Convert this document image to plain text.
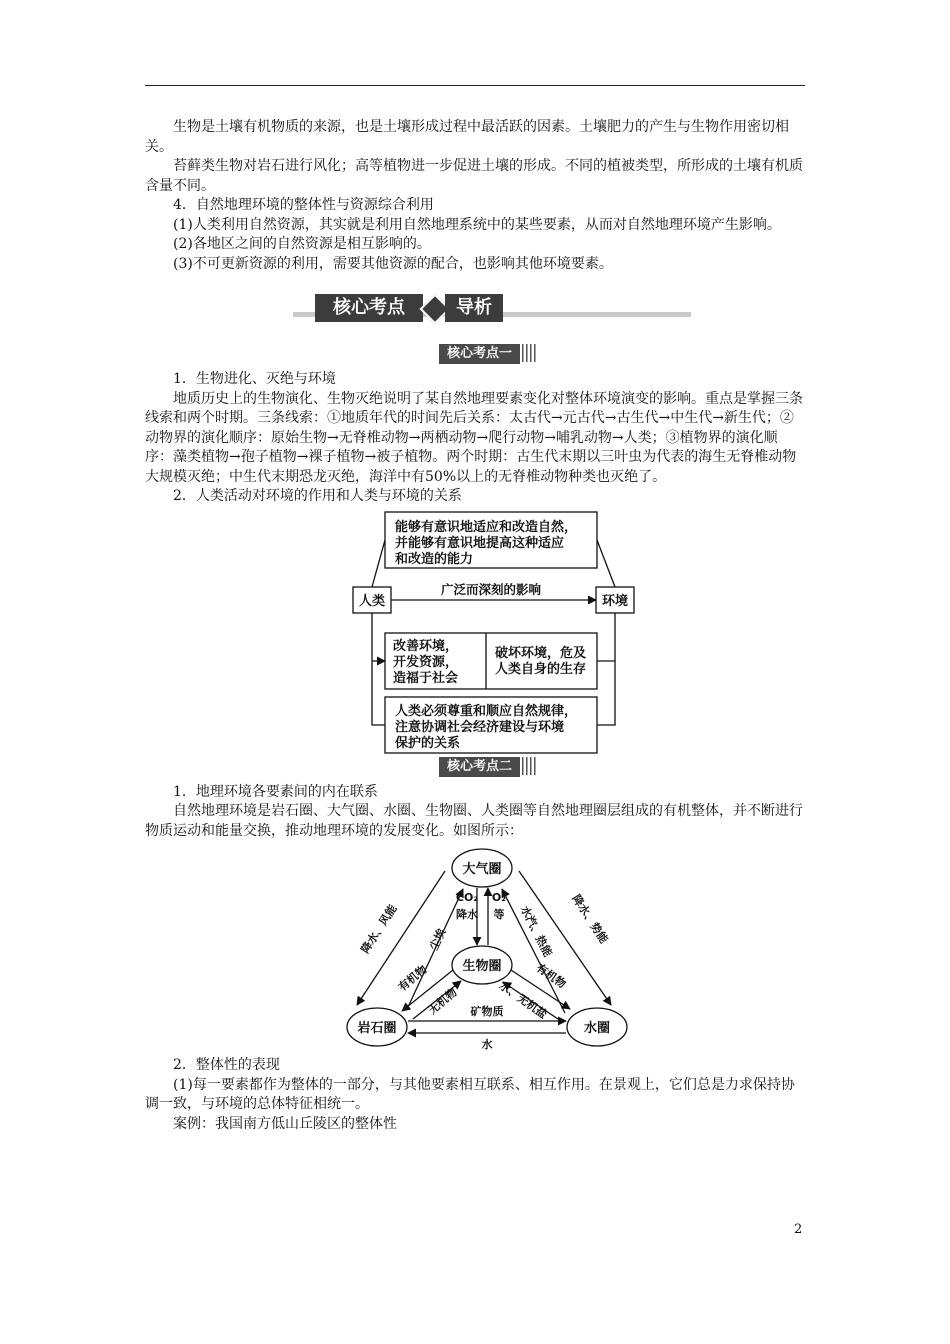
生物是土壤有机物质的来源，也是土壤形成过程中最活跃的因素。土壤肥力的产生与生物作用密切相关。

苔藓类生物对岩石进行风化；高等植物进一步促进土壤的形成。不同的植被类型，所形成的土壤有机质含量不同。

4．自然地理环境的整体性与资源综合利用

(1)人类利用自然资源，其实就是利用自然地理系统中的某些要素，从而对自然地理环境产生影响。

(2)各地区之间的自然资源是相互影响的。

(3)不可更新资源的利用，需要其他资源的配合，也影响其他环境要素。

核心考点	导析
核心考点一

1．生物进化、灭绝与环境

地质历史上的生物演化、生物灭绝说明了某自然地理要素变化对整体环境演变的影响。重点是掌握三条线索和两个时期。三条线索：①地质年代的时间先后关系：太古代→元古代→古生代→中生代→新生代；②动物界的演化顺序：原始生物→无脊椎动物→两栖动物→爬行动物→哺乳动物→人类；③植物界的演化顺序：藻类植物→孢子植物→裸子植物→被子植物。两个时期：古生代末期以三叶虫为代表的海生无脊椎动物大规模灭绝；中生代末期恐龙灭绝，海洋中有50%以上的无脊椎动物种类也灭绝了。

2．人类活动对环境的作用和人类与环境的关系

能够有意识地适应和改造自然，
并能够有意识地提高这种适应
和改造的能力
人类	环境
广泛而深刻的影响
改善环境，
开发资源，
造福于社会
破坏环境，危及
人类自身的生存
人类必须尊重和顺应自然规律，
注意协调社会经济建设与环境
保护的关系
核心考点二

1．地理环境各要素间的内在联系

自然地理环境是岩石圈、大气圈、水圈、生物圈、人类圈等自然地理圈层组成的有机整体，并不断进行物质运动和能量交换，推动地理环境的发展变化。如图所示：

大气圈
生物圈
岩石圈	水圈
CO₂
降水
O₂
等
降水、风能	尘埃
有机物
无机物
降水、势能
水汽、热能
有机物
水、无机盐
矿物质
水

2．整体性的表现

(1)每一要素都作为整体的一部分，与其他要素相互联系、相互作用。在景观上，它们总是力求保持协调一致，与环境的总体特征相统一。

案例：我国南方低山丘陵区的整体性

2
